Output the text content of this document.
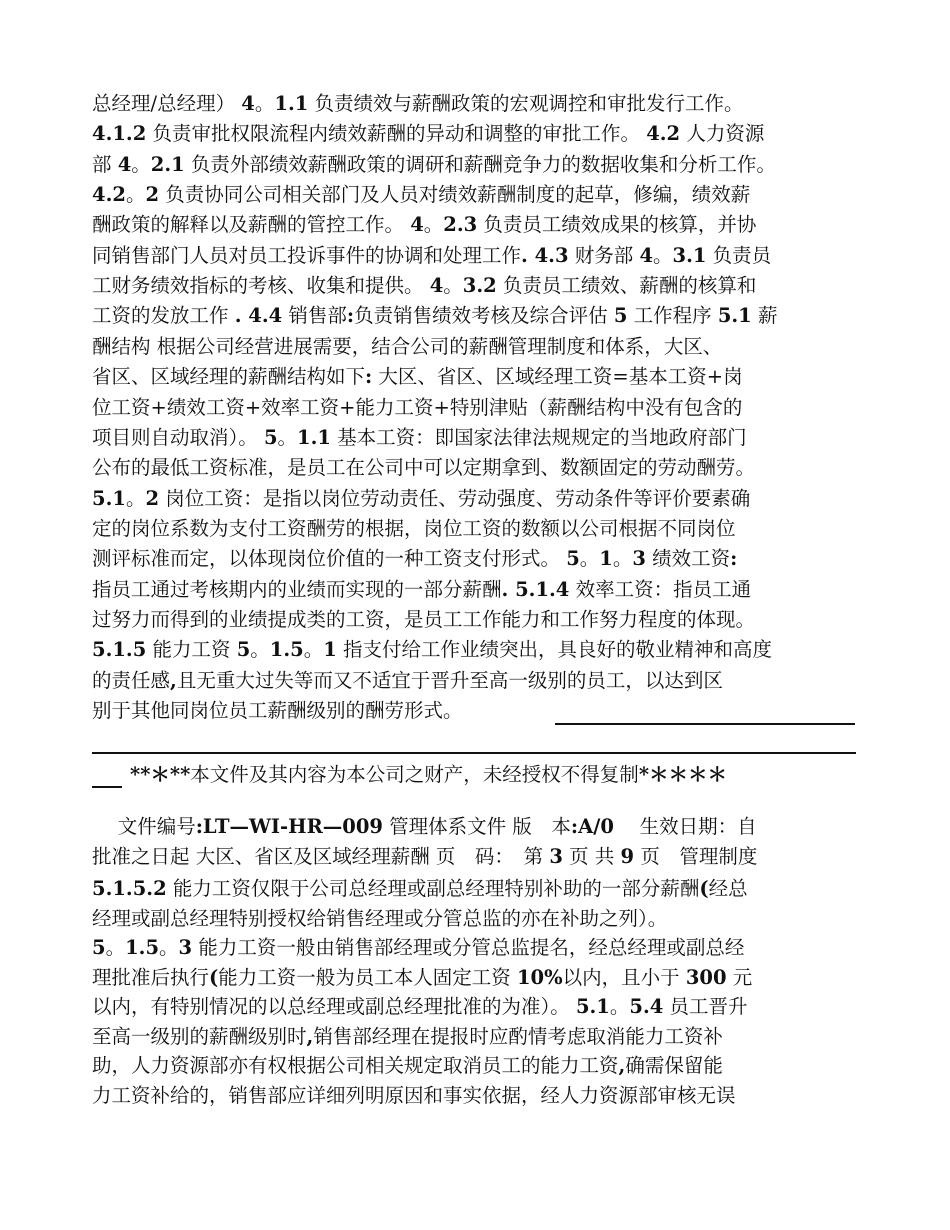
总经理/总经理） 4。1.1 负责绩效与薪酬政策的宏观调控和审批发行工作。
4.1.2 负责审批权限流程内绩效薪酬的异动和调整的审批工作。 4.2 人力资源
部 4。2.1 负责外部绩效薪酬政策的调研和薪酬竞争力的数据收集和分析工作。
4.2。2 负责协同公司相关部门及人员对绩效薪酬制度的起草，修编，绩效薪
酬政策的解释以及薪酬的管控工作。 4。2.3 负责员工绩效成果的核算，并协
同销售部门人员对员工投诉事件的协调和处理工作. 4.3 财务部 4。3.1 负责员
工财务绩效指标的考核、收集和提供。 4。3.2 负责员工绩效、薪酬的核算和
工资的发放工作 . 4.4 销售部:负责销售绩效考核及综合评估 5 工作程序 5.1 薪
酬结构 根据公司经营进展需要，结合公司的薪酬管理制度和体系，大区、
省区、区域经理的薪酬结构如下: 大区、省区、区域经理工资=基本工资+岗
位工资+绩效工资+效率工资+能力工资+特别津贴（薪酬结构中没有包含的
项目则自动取消）。 5。1.1 基本工资：即国家法律法规规定的当地政府部门
公布的最低工资标准，是员工在公司中可以定期拿到、数额固定的劳动酬劳。
5.1。2 岗位工资：是指以岗位劳动责任、劳动强度、劳动条件等评价要素确
定的岗位系数为支付工资酬劳的根据，岗位工资的数额以公司根据不同岗位
测评标准而定，以体现岗位价值的一种工资支付形式。 5。1。3 绩效工资:
指员工通过考核期内的业绩而实现的一部分薪酬. 5.1.4 效率工资：指员工通
过努力而得到的业绩提成类的工资，是员工工作能力和工作努力程度的体现。
5.1.5 能力工资 5。1.5。1 指支付给工作业绩突出，具良好的敬业精神和高度
的责任感,且无重大过失等而又不适宜于晋升至高一级别的员工，以达到区
别于其他同岗位员工薪酬级别的酬劳形式。
**＊**本文件及其内容为本公司之财产，未经授权不得复制*＊＊＊＊
　 文件编号:LT—WI-HR—009 管理体系文件 版　本:A/0　 生效日期：自
批准之日起 大区、省区及区域经理薪酬 页　码：　第 3 页 共 9 页　管理制度
5.1.5.2 能力工资仅限于公司总经理或副总经理特别补助的一部分薪酬(经总
经理或副总经理特别授权给销售经理或分管总监的亦在补助之列）。
5。1.5。3 能力工资一般由销售部经理或分管总监提名，经总经理或副总经
理批准后执行(能力工资一般为员工本人固定工资 10%以内，且小于 300 元
以内，有特别情况的以总经理或副总经理批准的为准）。 5.1。5.4 员工晋升
至高一级别的薪酬级别时,销售部经理在提报时应酌情考虑取消能力工资补
助，人力资源部亦有权根据公司相关规定取消员工的能力工资,确需保留能
力工资补给的，销售部应详细列明原因和事实依据，经人力资源部审核无误
